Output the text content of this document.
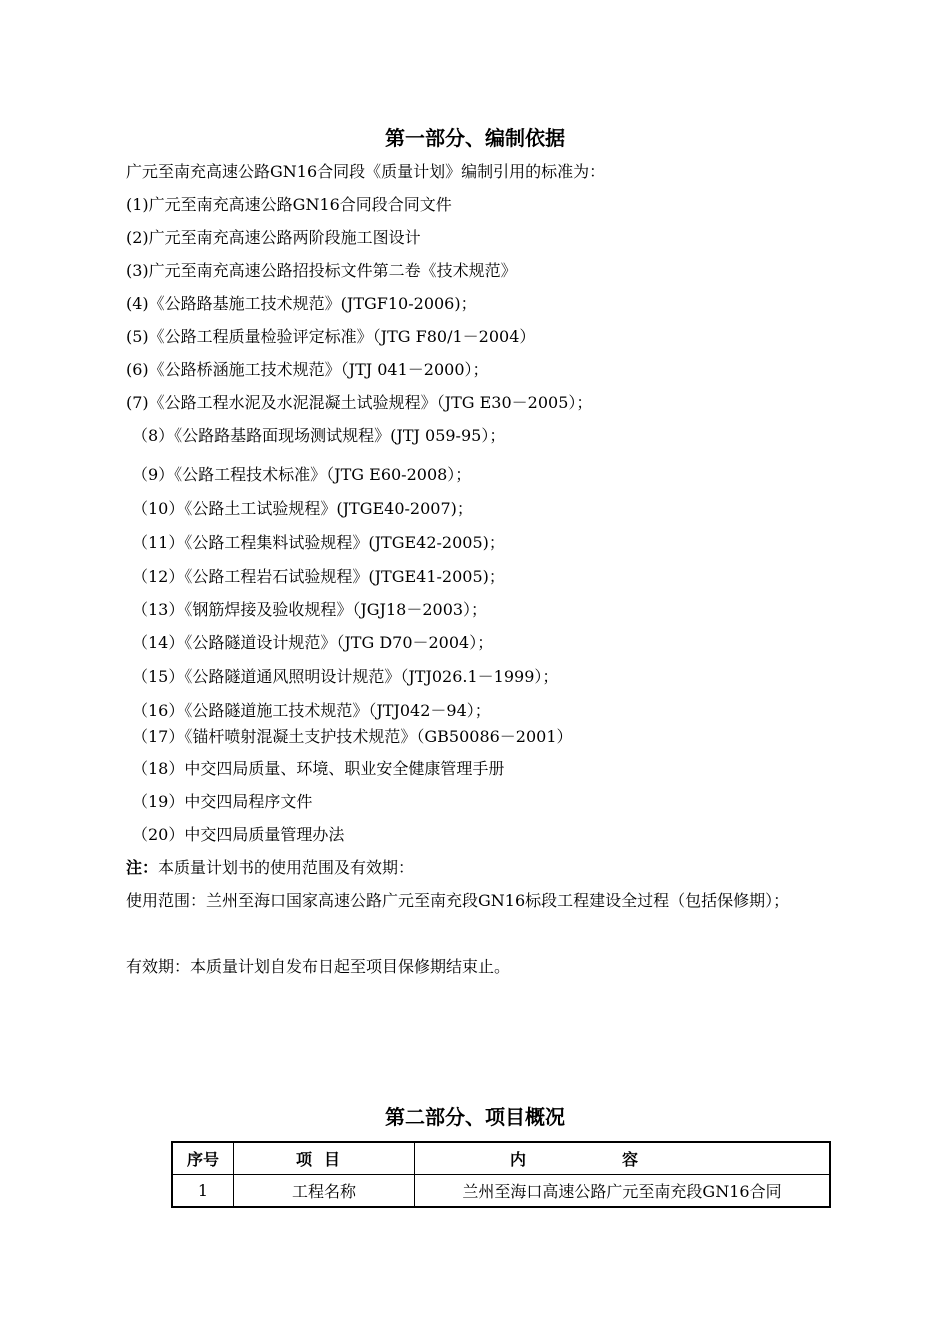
第一部分、编制依据

广元至南充高速公路GN16合同段《质量计划》编制引用的标准为：

(1)广元至南充高速公路GN16合同段合同文件

(2)广元至南充高速公路两阶段施工图设计

(3)广元至南充高速公路招投标文件第二卷《技术规范》

(4)《公路路基施工技术规范》(JTGF10-2006)；

(5)《公路工程质量检验评定标准》（JTG F80/1－2004）

(6)《公路桥涵施工技术规范》（JTJ 041－2000）；

(7)《公路工程水泥及水泥混凝土试验规程》（JTG E30－2005）；

（8）《公路路基路面现场测试规程》(JTJ 059-95）；

（9）《公路工程技术标准》（JTG E60-2008）；

（10）《公路土工试验规程》(JTGE40-2007)；

（11）《公路工程集料试验规程》(JTGE42-2005)；

（12）《公路工程岩石试验规程》(JTGE41-2005)；

（13）《钢筋焊接及验收规程》（JGJ18－2003）；

（14）《公路隧道设计规范》（JTG D70－2004）；

（15）《公路隧道通风照明设计规范》（JTJ026.1－1999）；

（16）《公路隧道施工技术规范》（JTJ042－94）；

（17）《锚杆喷射混凝土支护技术规范》（GB50086－2001）

（18）中交四局质量、环境、职业安全健康管理手册

（19）中交四局程序文件

（20）中交四局质量管理办法

注：本质量计划书的使用范围及有效期：

使用范围：兰州至海口国家高速公路广元至南充段GN16标段工程建设全过程（包括保修期）；

有效期：本质量计划自发布日起至项目保修期结束止。

第二部分、项目概况
序号	项目	内容
1	工程名称	兰州至海口高速公路广元至南充段GN16合同
